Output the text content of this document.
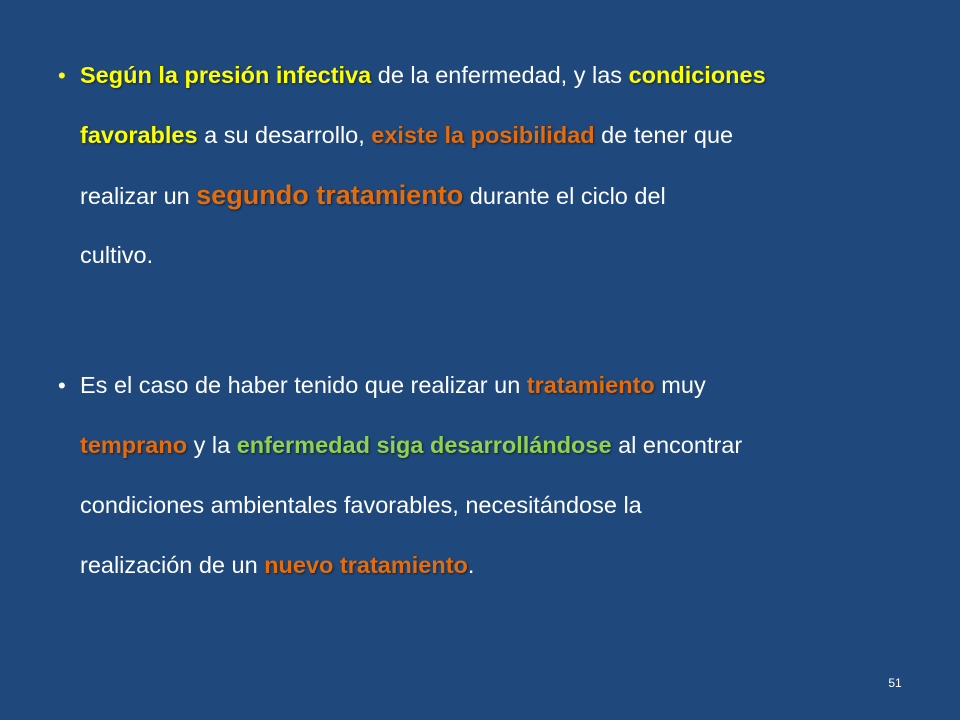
• Según la presión infectiva de la enfermedad, y las condiciones
favorables a su desarrollo, existe la posibilidad de tener que
realizar un segundo tratamiento durante el ciclo del
cultivo.
• Es el caso de haber tenido que realizar un tratamiento muy
temprano y la enfermedad siga desarrollándose al encontrar
condiciones ambientales favorables, necesitándose la
realización de un nuevo tratamiento.
51
